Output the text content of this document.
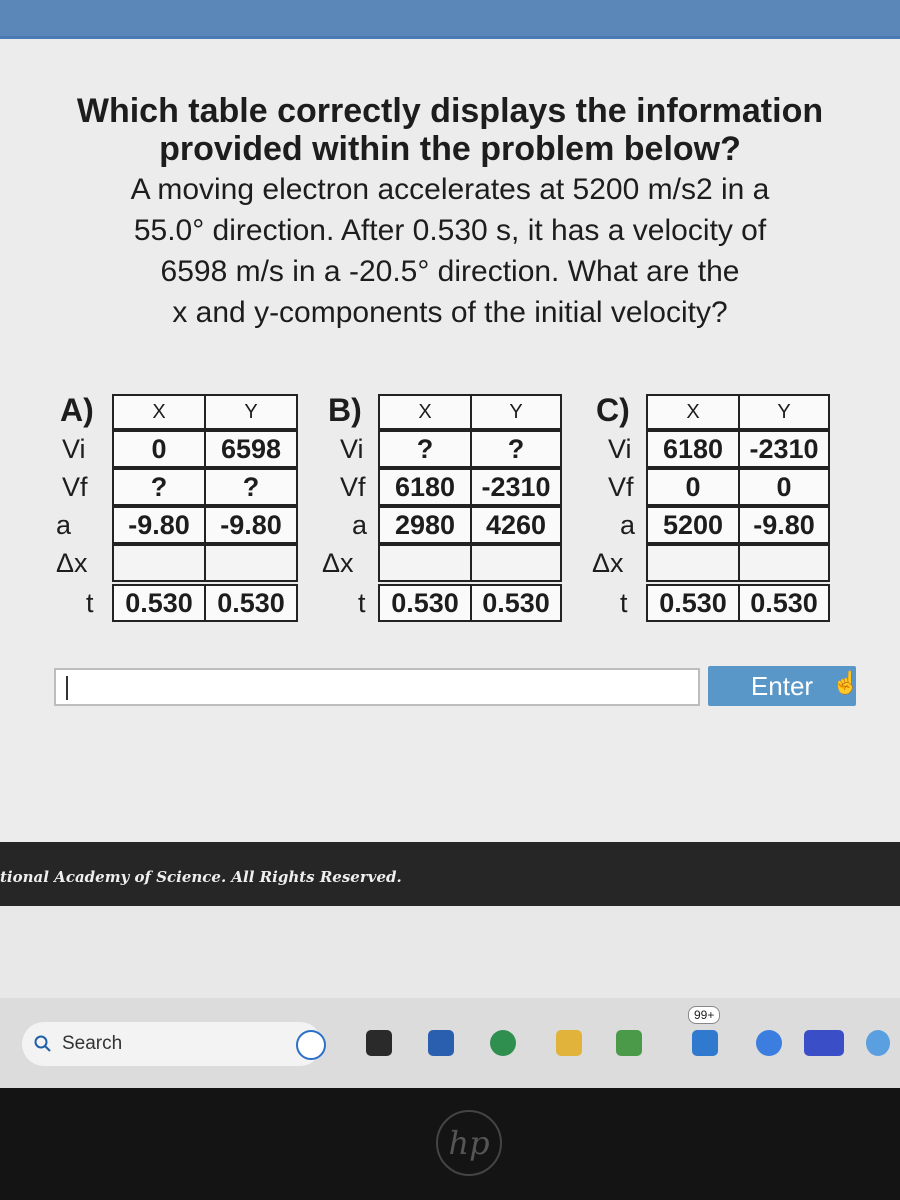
Which table correctly displays the information
provided within the problem below?
A moving electron accelerates at 5200 m/s2 in a
55.0° direction. After 0.530 s, it has a velocity of
6598 m/s in a -20.5° direction. What are the
x and y-components of the initial velocity?
A)	X	Y
Vi	0	6598
Vf	?	?
a	-9.80	-9.80
Δx
t	0.530 0.530
B)	X	Y
Vi	?	?
Vf	6180 -2310
a	2980	4260
Δx
t 0.530 0.530
C)	X	Y
Vi	6180 -2310
Vf	0	0
a	5200	-9.80
Δx
t	0.530 0.530
Enter ☝
tional Academy of Science. All Rights Reserved.
Search
99+
hp
